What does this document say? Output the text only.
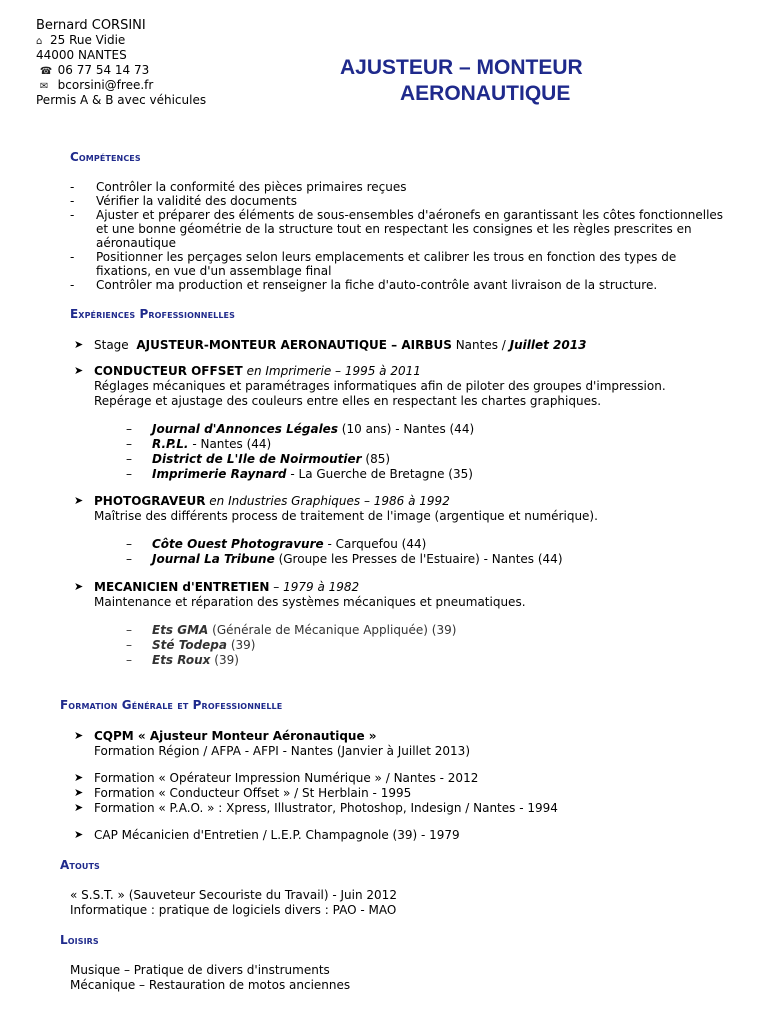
Bernard CORSINI
⌂ 25 Rue Vidie
44000 NANTES
☎ 06 77 54 14 73
✉ bcorsini@free.fr
Permis A & B avec véhicules
AJUSTEUR – MONTEUR
AERONAUTIQUE
Compétences
- Contrôler la conformité des pièces primaires reçues
- Vérifier la validité des documents
- Ajuster et préparer des éléments de sous-ensembles d'aéronefs en garantissant les côtes fonctionnelles et une bonne géométrie de la structure tout en respectant les consignes et les règles prescrites en aéronautique
- Positionner les perçages selon leurs emplacements et calibrer les trous en fonction des types de fixations, en vue d'un assemblage final
- Contrôler ma production et renseigner la fiche d'auto-contrôle avant livraison de la structure.
Expériences Professionnelles
➤ Stage AJUSTEUR-MONTEUR AERONAUTIQUE – AIRBUS Nantes / Juillet 2013
➤ CONDUCTEUR OFFSET en Imprimerie – 1995 à 2011
Réglages mécaniques et paramétrages informatiques afin de piloter des groupes d'impression.
Repérage et ajustage des couleurs entre elles en respectant les chartes graphiques.
– Journal d'Annonces Légales (10 ans) - Nantes (44)
– R.P.L. - Nantes (44)
– District de L'Ile de Noirmoutier (85)
– Imprimerie Raynard - La Guerche de Bretagne (35)
➤ PHOTOGRAVEUR en Industries Graphiques – 1986 à 1992
Maîtrise des différents process de traitement de l'image (argentique et numérique).
– Côte Ouest Photogravure - Carquefou (44)
– Journal La Tribune (Groupe les Presses de l'Estuaire) - Nantes (44)
➤ MECANICIEN d'ENTRETIEN – 1979 à 1982
Maintenance et réparation des systèmes mécaniques et pneumatiques.
– Ets GMA (Générale de Mécanique Appliquée) (39)
– Sté Todepa (39)
– Ets Roux (39)
Formation Générale et Professionnelle
➤ CQPM « Ajusteur Monteur Aéronautique »
Formation Région / AFPA - AFPI - Nantes (Janvier à Juillet 2013)
➤ Formation « Opérateur Impression Numérique » / Nantes - 2012
➤ Formation « Conducteur Offset » / St Herblain - 1995
➤ Formation « P.A.O. » : Xpress, Illustrator, Photoshop, Indesign / Nantes - 1994
➤ CAP Mécanicien d'Entretien / L.E.P. Champagnole (39) - 1979
Atouts
« S.S.T. » (Sauveteur Secouriste du Travail) - Juin 2012
Informatique : pratique de logiciels divers : PAO - MAO
Loisirs
Musique – Pratique de divers d'instruments
Mécanique – Restauration de motos anciennes
